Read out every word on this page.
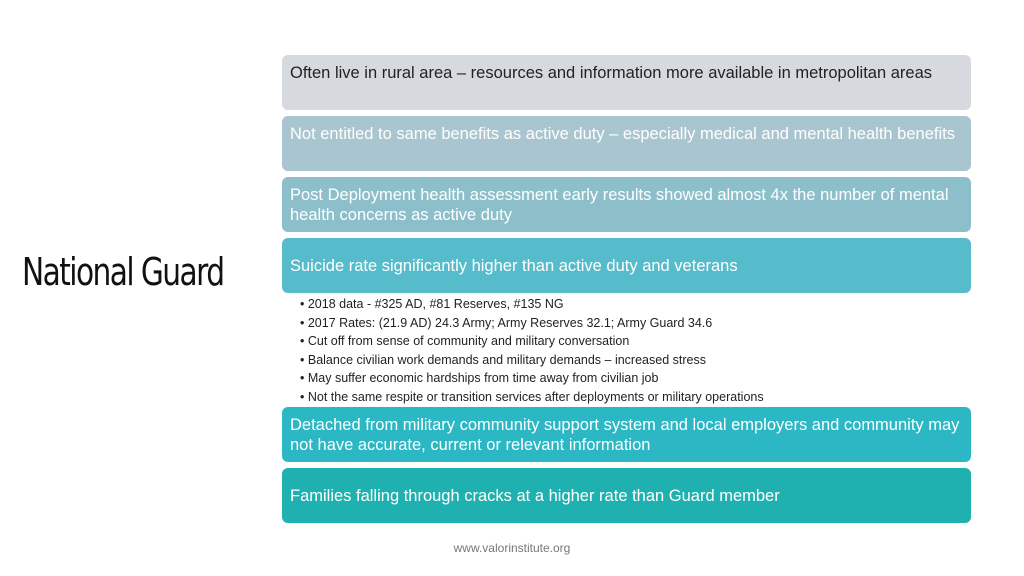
National Guard
Often live in rural area – resources and information more available in metropolitan areas
Not entitled to same benefits as active duty – especially medical and mental health benefits
Post Deployment health assessment early results showed almost 4x the number of mental health concerns as active duty
Suicide rate significantly higher than active duty and veterans
• 2018 data - #325 AD, #81 Reserves, #135 NG
• 2017 Rates: (21.9 AD) 24.3 Army; Army Reserves 32.1; Army Guard 34.6
• Cut off from sense of community and military conversation
• Balance civilian work demands and military demands – increased stress
• May suffer economic hardships from time away from civilian job
• Not the same respite or transition services after deployments or military operations
Detached from military community support system and local employers and community may not have accurate, current or relevant information
Families falling through cracks at a higher rate than Guard member
www.valorinstitute.org
